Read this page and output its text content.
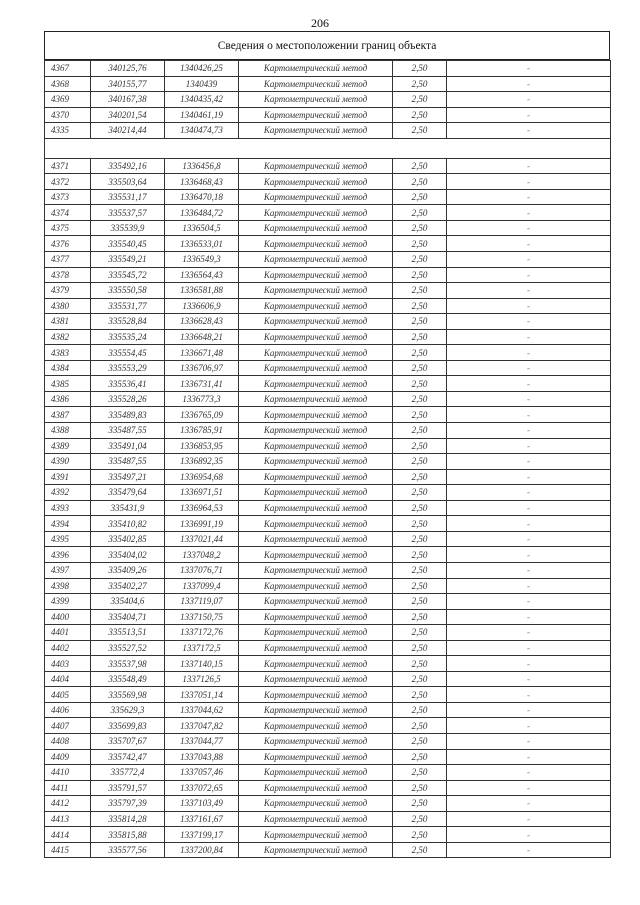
206
Сведения о местоположении границ объекта
4367	340125,76	1340426,25	Картометрический метод	2,50	-
4368	340155,77	1340439	Картометрический метод	2,50	-
4369	340167,38	1340435,42	Картометрический метод	2,50	-
4370	340201,54	1340461,19	Картометрический метод	2,50	-
4335	340214,44	1340474,73	Картометрический метод	2,50	-

4371	335492,16	1336456,8	Картометрический метод	2,50	-
4372	335503,64	1336468,43	Картометрический метод	2,50	-
4373	335531,17	1336470,18	Картометрический метод	2,50	-
4374	335537,57	1336484,72	Картометрический метод	2,50	-
4375	335539,9	1336504,5	Картометрический метод	2,50	-
4376	335540,45	1336533,01	Картометрический метод	2,50	-
4377	335549,21	1336549,3	Картометрический метод	2,50	-
4378	335545,72	1336564,43	Картометрический метод	2,50	-
4379	335550,58	1336581,88	Картометрический метод	2,50	-
4380	335531,77	1336606,9	Картометрический метод	2,50	-
4381	335528,84	1336628,43	Картометрический метод	2,50	-
4382	335535,24	1336648,21	Картометрический метод	2,50	-
4383	335554,45	1336671,48	Картометрический метод	2,50	-
4384	335553,29	1336706,97	Картометрический метод	2,50	-
4385	335536,41	1336731,41	Картометрический метод	2,50	-
4386	335528,26	1336773,3	Картометрический метод	2,50	-
4387	335489,83	1336765,09	Картометрический метод	2,50	-
4388	335487,55	1336785,91	Картометрический метод	2,50	-
4389	335491,04	1336853,95	Картометрический метод	2,50	-
4390	335487,55	1336892,35	Картометрический метод	2,50	-
4391	335497,21	1336954,68	Картометрический метод	2,50	-
4392	335479,64	1336971,51	Картометрический метод	2,50	-
4393	335431,9	1336964,53	Картометрический метод	2,50	-
4394	335410,82	1336991,19	Картометрический метод	2,50	-
4395	335402,85	1337021,44	Картометрический метод	2,50	-
4396	335404,02	1337048,2	Картометрический метод	2,50	-
4397	335409,26	1337076,71	Картометрический метод	2,50	-
4398	335402,27	1337099,4	Картометрический метод	2,50	-
4399	335404,6	1337119,07	Картометрический метод	2,50	-
4400	335404,71	1337150,75	Картометрический метод	2,50	-
4401	335513,51	1337172,76	Картометрический метод	2,50	-
4402	335527,52	1337172,5	Картометрический метод	2,50	-
4403	335537,98	1337140,15	Картометрический метод	2,50	-
4404	335548,49	1337126,5	Картометрический метод	2,50	-
4405	335569,98	1337051,14	Картометрический метод	2,50	-
4406	335629,3	1337044,62	Картометрический метод	2,50	-
4407	335699,83	1337047,82	Картометрический метод	2,50	-
4408	335707,67	1337044,77	Картометрический метод	2,50	-
4409	335742,47	1337043,88	Картометрический метод	2,50	-
4410	335772,4	1337057,46	Картометрический метод	2,50	-
4411	335791,57	1337072,65	Картометрический метод	2,50	-
4412	335797,39	1337103,49	Картометрический метод	2,50	-
4413	335814,28	1337161,67	Картометрический метод	2,50	-
4414	335815,88	1337199,17	Картометрический метод	2,50	-
4415	335577,56	1337200,84	Картометрический метод	2,50	-
